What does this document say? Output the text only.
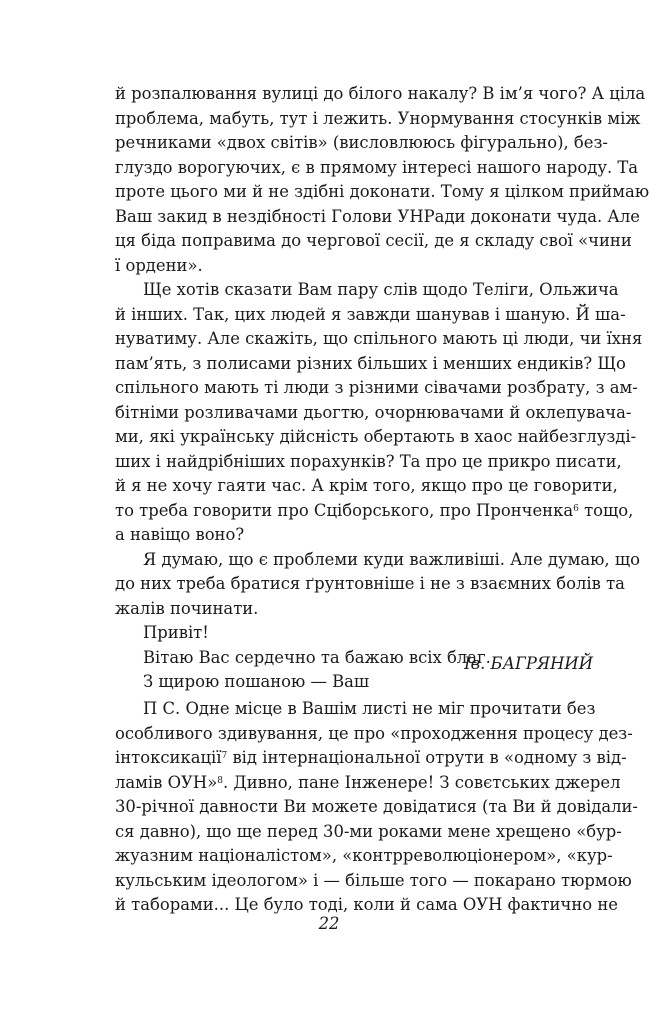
й розпалювання вулиці до білого накалу? В ім’я чого? А ціла
проблема, мабуть, тут і лежить. Унормування стосунків між
речниками «двох світів» (висловлююсь фігурально), без-
глуздо ворогуючих, є в прямому інтересі нашого народу. Та
проте цього ми й не здібні доконати. Тому я цілком приймаю
Ваш закид в нездібності Голови УНРади доконати чуда. Але
ця біда поправима до чергової сесії, де я складу свої «чини
ї ордени».

Ще хотів сказати Вам пару слів щодо Теліги, Ольжича
й інших. Так, цих людей я завжди шанував і шаную. Й ша-
нуватиму. Але скажіть, що спільного мають ці люди, чи їхня
пам’ять, з полисами різних більших і менших ендиків? Що
спільного мають ті люди з різними сівачами розбрату, з ам-
бітніми розливачами дьогтю, очорнювачами й оклепувача-
ми, які українську дійсність обертають в хаос найбезглузді-
ших і найдрібніших порахунків? Та про це прикро писати,
й я не хочу гаяти час. А крім того, якщо про це говорити,
то треба говорити про Сціборського, про Пронченка$^6$ тощо,
а навіщо воно?

Я думаю, що є проблеми куди важливіші. Але думаю, що
до них треба братися ґрунтовніше і не з взаємних болів та
жалів починати.

Привіт!

Вітаю Вас сердечно та бажаю всіх благ.

З щирою пошаною — Ваш

Ів. БАГРЯНИЙ

П С. Одне місце в Вашім листі не міг прочитати без
особливого здивування, це про «проходження процесу дез-
інтоксикації$^7$ від інтернаціональної отрути в «одному з від-
ламів ОУН»$^8$. Дивно, пане Інженере! З совєтських джерел
30-річної давности Ви можете довідатися (та Ви й довідали-
ся давно), що ще перед 30-ми роками мене хрещено «бур-
жуазним націоналістом», «контрреволюціонером», «кур-
кульським ідеологом» і — більше того — покарано тюрмою
й таборами... Це було тоді, коли й сама ОУН фактично не

22
